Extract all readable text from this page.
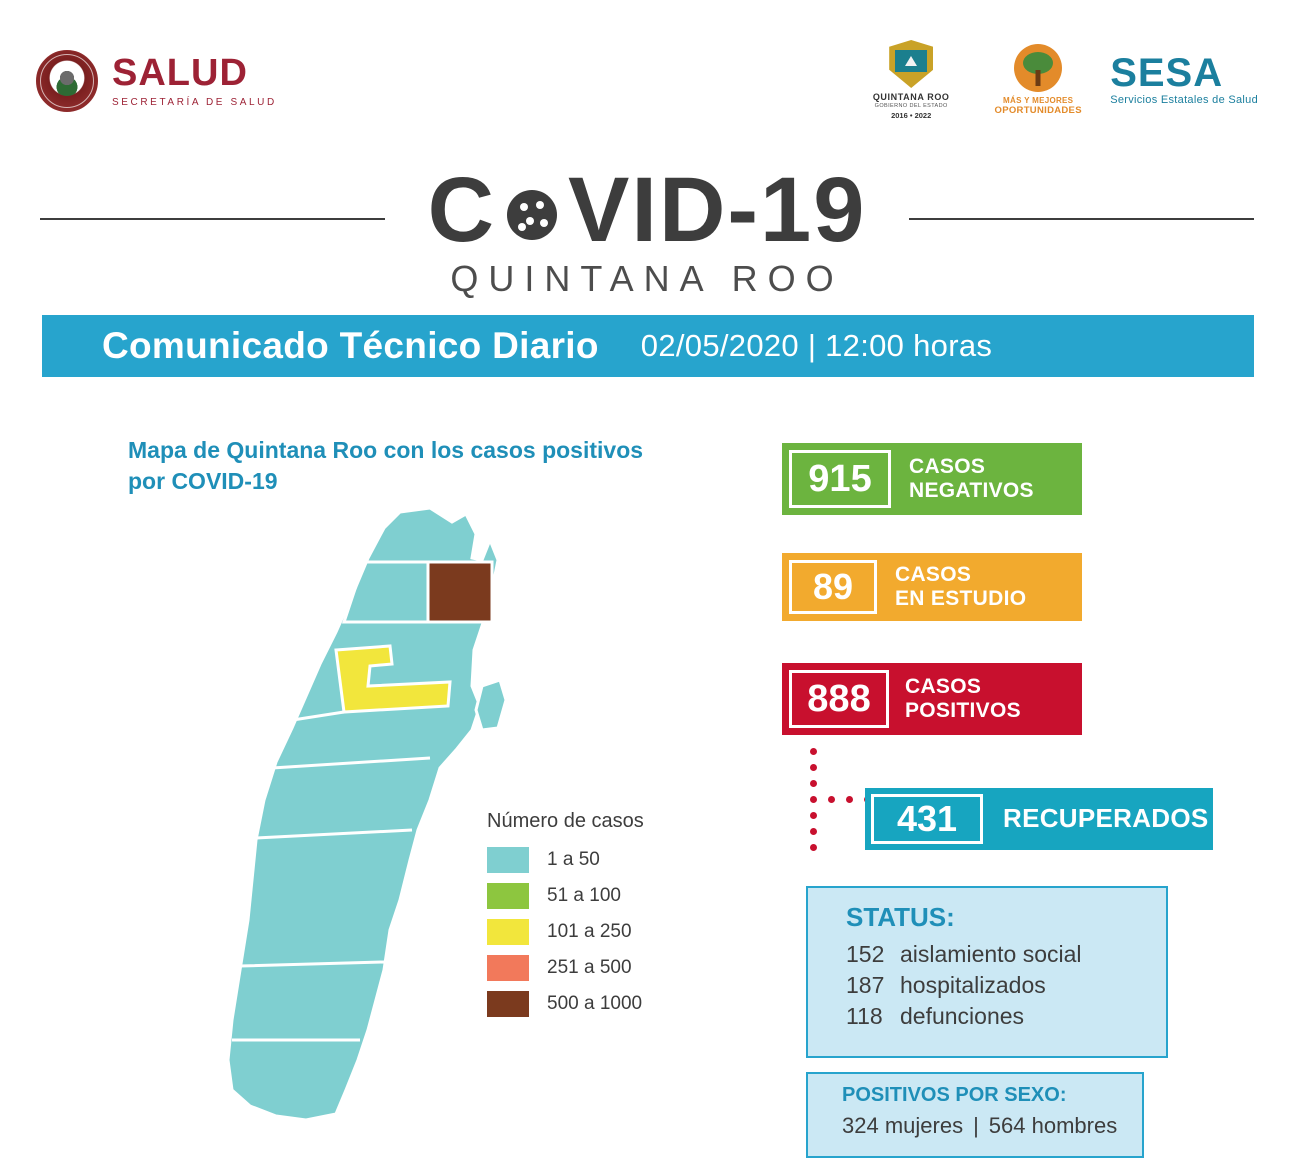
SALUD
SECRETARÍA DE SALUD	QUINTANA ROO
GOBIERNO DEL ESTADO
2016 • 2022
MÁS Y MEJORES
OPORTUNIDADES
SESA
Servicios Estatales de Salud
C VID-19
QUINTANA ROO
Comunicado Técnico Diario 02/05/2020 | 12:00 horas
Mapa de Quintana Roo con los casos positivos por COVID-19
Número de casos
1 a 50
51 a 100
101 a 250
251 a 500
500 a 1000
915	CASOS
NEGATIVOS
89	CASOS
EN ESTUDIO
888	CASOS
POSITIVOS
431	RECUPERADOS
STATUS:
152 aislamiento social
187 hospitalizados
118 defunciones
POSITIVOS POR SEXO:
324 mujeres | 564 hombres
